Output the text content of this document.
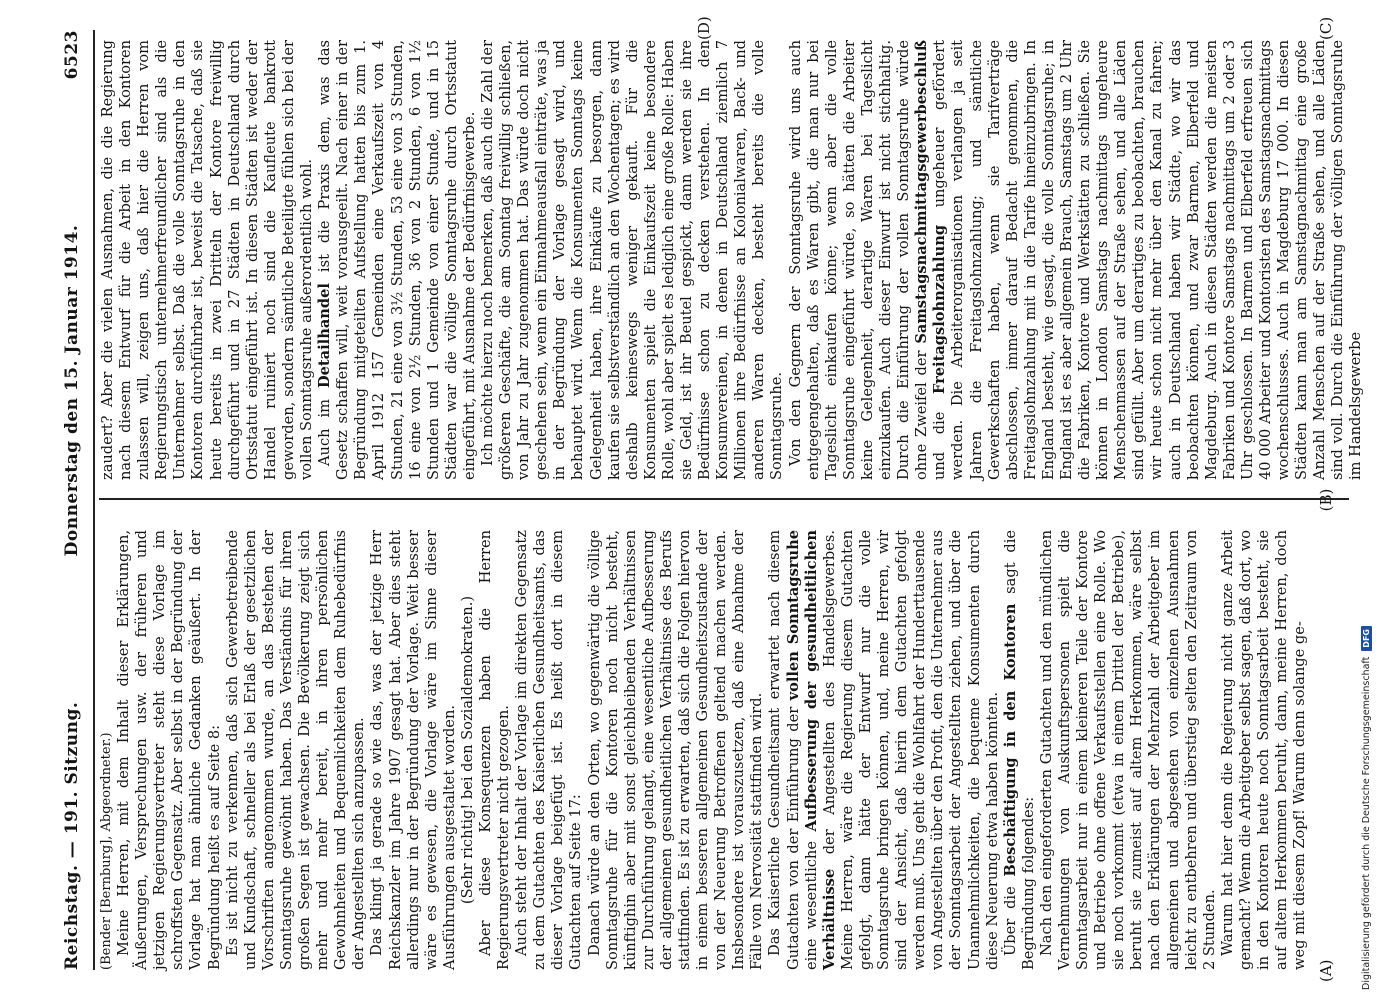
Reichstag. — 191. Sitzung.
Donnerstag den 15. Januar 1914.
6523

(Bender [Bernburg], Abgeordneter.) Meine Herren, mit dem Inhalt dieser Erklärungen, Äußerungen, Versprechungen usw. der früheren und jetzigen Regierungsvertreter steht diese Vorlage im schroffsten Gegensatz. Aber selbst in der Begründung der Vorlage hat man ähnliche Gedanken geäußert. In der Begründung heißt es auf Seite 8: Es ist nicht zu verkennen, daß sich Gewerbetreibende und Kundschaft, schneller als bei Erlaß der gesetzlichen Vorschriften angenommen wurde, an das Bestehen der Sonntagsruhe gewöhnt haben. Das Verständnis für ihren großen Segen ist gewachsen. Die Bevölkerung zeigt sich mehr und mehr bereit, in ihren persönlichen Gewohnheiten und Bequemlichkeiten dem Ruhebedürfnis der Angestellten sich anzupassen. Das klingt ja gerade so wie das, was der jetzige Herr Reichskanzler im Jahre 1907 gesagt hat. Aber dies steht allerdings nur in der Begründung der Vorlage. Weit besser wäre es gewesen, die Vorlage wäre im Sinne dieser Ausführungen ausgestaltet worden. (Sehr richtig! bei den Sozialdemokraten.) Aber diese Konsequenzen haben die Herren Regierungsvertreter nicht gezogen. Auch steht der Inhalt der Vorlage im direkten Gegensatz zu dem Gutachten des Kaiserlichen Gesundheitsamts, das dieser Vorlage beigefügt ist. Es heißt dort in diesem Gutachten auf Seite 17: Danach würde an den Orten, wo gegenwärtig die völlige Sonntagsruhe für die Kontoren noch nicht besteht, künftighin aber mit sonst gleichbleibenden Verhältnissen zur Durchführung gelangt, eine wesentliche Aufbesserung der allgemeinen gesundheitlichen Verhältnisse des Berufs stattfinden. Es ist zu erwarten, daß sich die Folgen hiervon in einem besseren allgemeinen Gesundheitszustande der von der Neuerung Betroffenen geltend machen werden. Insbesondere ist vorauszusetzen, daß eine Abnahme der Fälle von Nervosität stattfinden wird. Das Kaiserliche Gesundheitsamt erwartet nach diesem Gutachten von der Einführung der vollen Sonntagsruhe eine wesentliche Aufbesserung der gesundheitlichen Verhältnisse der Angestellten des Handelsgewerbes. Meine Herren, wäre die Regierung diesem Gutachten gefolgt, dann hätte der Entwurf nur die volle Sonntagsruhe bringen können, und, meine Herren, wir sind der Ansicht, daß hierin dem Gutachten gefolgt werden muß. Uns geht die Wohlfahrt der Hunderttausende von Angestellten über den Profit, den die Unternehmer aus der Sonntagsarbeit der Angestellten ziehen, und über die Unannehmlichkeiten, die bequeme Konsumenten durch diese Neuerung etwa haben könnten. Über die Beschäftigung in den Kontoren sagt die Begründung folgendes: Nach den eingeforderten Gutachten und den mündlichen Vernehmungen von Auskunftspersonen spielt die Sonntagsarbeit nur in einem kleineren Teile der Kontore und Betriebe ohne offene Verkaufsstellen eine Rolle. Wo sie noch vorkommt (etwa in einem Drittel der Betriebe), beruht sie zumeist auf altem Herkommen, wäre selbst nach den Erklärungen der Mehrzahl der Arbeitgeber im allgemeinen und abgesehen von einzelnen Ausnahmen leicht zu entbehren und überstieg selten den Zeitraum von 2 Stunden. Warum hat hier denn die Regierung nicht ganze Arbeit gemacht? Wenn die Arbeitgeber selbst sagen, daß dort, wo in den Kontoren heute noch Sonntagsarbeit besteht, sie auf altem Herkommen beruht, dann, meine Herren, doch weg mit diesem Zopf! Warum denn solange ge-

zaudert? Aber die vielen Ausnahmen, die die Regierung nach diesem Entwurf für die Arbeit in den Kontoren zulassen will, zeigen uns, daß hier die Herren vom Regierungstisch unternehmerfreundlicher sind als die Unternehmer selbst. Daß die volle Sonntagsruhe in den Kontoren durchführbar ist, beweist die Tatsache, daß sie heute bereits in zwei Dritteln der Kontore freiwillig durchgeführt und in 27 Städten in Deutschland durch Ortsstatut eingeführt ist. In diesen Städten ist weder der Handel ruiniert noch sind die Kaufleute bankrott geworden, sondern sämtliche Beteiligte fühlen sich bei der vollen Sonntagsruhe außerordentlich wohl. Auch im Detailhandel ist die Praxis dem, was das Gesetz schaffen will, weit vorausgeeilt. Nach einer in der Begründung mitgeteilten Aufstellung hatten bis zum 1. April 1912 157 Gemeinden eine Verkaufszeit von 4 Stunden, 21 eine von 3½ Stunden, 53 eine von 3 Stunden, 16 eine von 2½ Stunden, 36 von 2 Stunden, 6 von 1½ Stunden und 1 Gemeinde von einer Stunde, und in 15 Städten war die völlige Sonntagsruhe durch Ortsstatut eingeführt, mit Ausnahme der Bedürfnisgewerbe. Ich möchte hierzu noch bemerken, daß auch die Zahl der größeren Geschäfte, die am Sonntag freiwillig schließen, von Jahr zu Jahr zugenommen hat. Das würde doch nicht geschehen sein, wenn ein Einnahmeausfall einträte, was ja in der Begründung der Vorlage gesagt wird, und behauptet wird. Wenn die Konsumenten Sonntags keine Gelegenheit haben, ihre Einkäufe zu besorgen, dann kaufen sie selbstverständlich an den Wochentagen; es wird deshalb keineswegs weniger gekauft. Für die Konsumenten spielt die Einkaufszeit keine besondere Rolle, wohl aber spielt es lediglich eine große Rolle: Haben sie Geld, ist ihr Beutel gespickt, dann werden sie ihre Bedürfnisse schon zu decken verstehen. In den Konsumvereinen, in denen in Deutschland ziemlich 7 Millionen ihre Bedürfnisse an Kolonialwaren, Back- und anderen Waren decken, besteht bereits die volle Sonntagsruhe. Von den Gegnern der Sonntagsruhe wird uns auch entgegengehalten, daß es Waren gibt, die man nur bei Tageslicht einkaufen könne; wenn aber die volle Sonntagsruhe eingeführt würde, so hätten die Arbeiter keine Gelegenheit, derartige Waren bei Tageslicht einzukaufen. Auch dieser Einwurf ist nicht stichhaltig. Durch die Einführung der vollen Sonntagsruhe würde ohne Zweifel der Samstagsnachmittagsgewerbeschluß und die Freitagslohnzahlung ungeheuer gefördert werden. Die Arbeiterorganisationen verlangen ja seit Jahren die Freitagslohnzahlung; und sämtliche Gewerkschaften haben, wenn sie Tarifverträge abschlossen, immer darauf Bedacht genommen, die Freitagslohnzahlung mit in die Tarife hineinzubringen. In England besteht, wie gesagt, die volle Sonntagsruhe; in England ist es aber allgemein Brauch, Samstags um 2 Uhr die Fabriken, Kontore und Werkstätten zu schließen. Sie können in London Samstags nachmittags ungeheure Menschenmassen auf der Straße sehen, und alle Läden sind gefüllt. Aber um derartiges zu beobachten, brauchen wir heute schon nicht mehr über den Kanal zu fahren; auch in Deutschland haben wir Städte, wo wir das beobachten können, und zwar Barmen, Elberfeld und Magdeburg. Auch in diesen Städten werden die meisten Fabriken und Kontore Samstags nachmittags um 2 oder 3 Uhr geschlossen. In Barmen und Elberfeld erfreuen sich 40 000 Arbeiter und Kontoristen des Samstagsnachmittags wochenschlusses. Auch in Magdeburg 17 000. In diesen Städten kann man am Samstagnachmittag eine große Anzahl Menschen auf der Straße sehen, und alle Läden sind voll. Durch die Einführung der völligen Sonntagsruhe im Handelsgewerbe

(A)
(B)
(C)
(D)
Digitalisierung gefördert durch die Deutsche Forschungsgemeinschaft
DFG
